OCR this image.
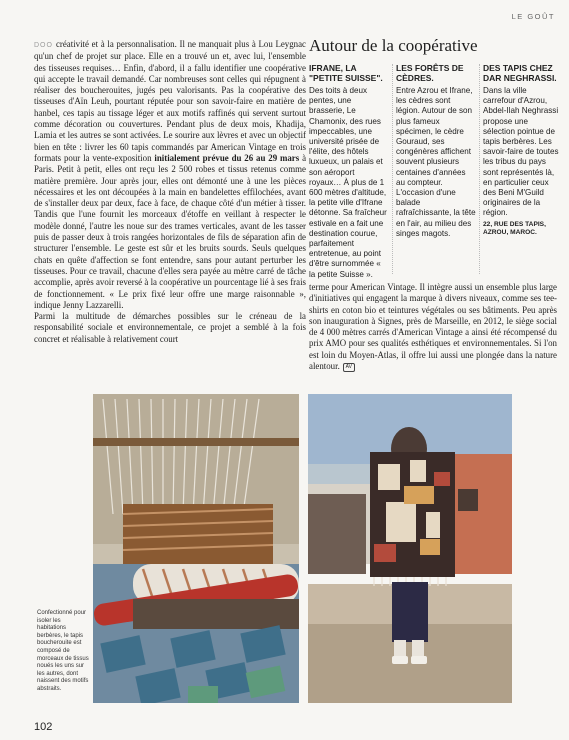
LE GOÛT

DOO créativité et à la personnalisation. Il ne manquait plus à Lou Leygnac qu'un chef de projet sur place. Elle en a trouvé un et, avec lui, l'ensemble des tisseuses requises… Enfin, d'abord, il a fallu identifier une coopérative qui accepte le travail demandé. Car nombreuses sont celles qui répugnent à réaliser des boucherouites, jugés peu valorisants. Pas la coopérative des tisseuses d'Aïn Leuh, pourtant réputée pour son savoir-faire en matière de hanbel, ces tapis au tissage léger et aux motifs raffinés qui servent surtout comme décoration ou couvertures. Pendant plus de deux mois, Khadija, Lamia et les autres se sont activées. Le sourire aux lèvres et avec un objectif bien en tête : livrer les 60 tapis commandés par American Vintage en trois formats pour la vente-exposition initialement prévue du 26 au 29 mars à Paris. Petit à petit, elles ont reçu les 2 500 robes et tissus retenus comme matière première. Jour après jour, elles ont démonté une à une les pièces nécessaires et les ont découpées à la main en bandelettes effilochées, avant de s'installer deux par deux, face à face, de chaque côté d'un métier à tisser. Tandis que l'une fournit les morceaux d'étoffe en veillant à respecter le modèle donné, l'autre les noue sur des trames verticales, avant de les tasser puis de passer deux à trois rangées horizontales de fils de séparation afin de structurer l'ensemble. Le geste est sûr et les bruits sourds. Seuls quelques chats en quête d'affection se font entendre, sans pour autant perturber les tisseuses. Pour ce travail, chacune d'elles sera payée au mètre carré de tâche accomplie, après avoir reversé à la coopérative un pourcentage lié à ses frais de fonctionnement. « Le prix fixé leur offre une marge raisonnable », indique Jenny Lazzarelli.

Parmi la multitude de démarches possibles sur le créneau de la responsabilité sociale et environnementale, ce projet a semblé à la fois concret et réalisable à relativement court

terme pour American Vintage. Il intègre aussi un ensemble plus large d'initiatives qui engagent la marque à divers niveaux, comme ses tee-shirts en coton bio et teintures végétales ou ses bâtiments. Peu après son inauguration à Signes, près de Marseille, en 2012, le siège social de 4 000 mètres carrés d'American Vintage a ainsi été récompensé du prix AMO pour ses qualités esthétiques et environnementales. Si l'on est loin du Moyen-Atlas, il offre lui aussi une plongée dans la nature alentour. AV

Autour de la coopérative
IFRANE, LA "PETITE SUISSE".

Des toits à deux pentes, une brasserie, Le Chamonix, des rues impeccables, une université prisée de l'élite, des hôtels luxueux, un palais et son aéroport royaux… À plus de 1 600 mètres d'altitude, la petite ville d'Ifrane détonne. Sa fraîcheur estivale en a fait une destination courue, parfaitement entretenue, au point d'être surnommée « la petite Suisse ».

LES FORÊTS DE CÈDRES.

Entre Azrou et Ifrane, les cèdres sont légion. Autour de son plus fameux spécimen, le cèdre Gouraud, ses congénères affichent souvent plusieurs centaines d'années au compteur. L'occasion d'une balade rafraîchissante, la tête en l'air, au milieu des singes magots.

DES TAPIS CHEZ DAR NEGHRASSI.

Dans la ville carrefour d'Azrou, Abdel-Ilah Neghrassi propose une sélection pointue de tapis berbères. Les savoir-faire de toutes les tribus du pays sont représentés là, en particulier ceux des Beni M'Guild originaires de la région.

22, RUE DES TAPIS, AZROU, MAROC.
Confectionné pour isoler les habitations berbères, le tapis boucherouite est composé de morceaux de tissus noués les uns sur les autres, dont naissent des motifs abstraits.
102
